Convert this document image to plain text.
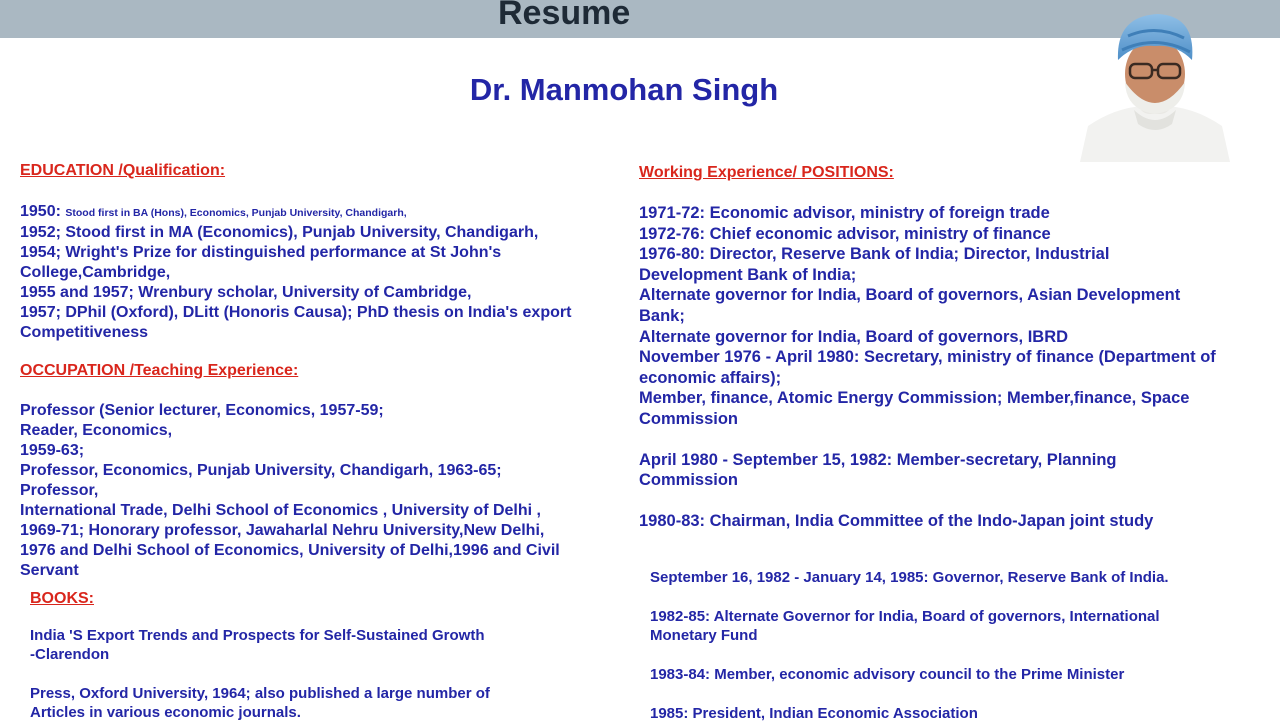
Resume
Dr. Manmohan Singh
EDUCATION /Qualification:
1950: Stood first in BA (Hons), Economics, Punjab University, Chandigarh,
1952; Stood first in MA (Economics), Punjab University, Chandigarh,
1954; Wright's Prize for distinguished performance at St John's
College,Cambridge,
1955 and 1957; Wrenbury scholar, University of Cambridge,
1957; DPhil (Oxford), DLitt (Honoris Causa); PhD thesis on India's export
Competitiveness
OCCUPATION /Teaching Experience:
Professor (Senior lecturer, Economics, 1957-59;
Reader, Economics,
1959-63;
Professor, Economics, Punjab University, Chandigarh, 1963-65;
Professor,
International Trade, Delhi School of Economics , University of Delhi ,
1969-71; Honorary professor, Jawaharlal Nehru University,New Delhi,
1976 and Delhi School of Economics, University of Delhi,1996 and Civil
Servant
BOOKS:
India 'S Export Trends and Prospects for Self-Sustained Growth
-Clarendon
Press, Oxford University, 1964; also published a large number of
Articles in various economic journals.
Working Experience/ POSITIONS:
1971-72: Economic advisor, ministry of foreign trade
1972-76: Chief economic advisor, ministry of finance
1976-80: Director, Reserve Bank of India; Director, Industrial
Development Bank of India;
Alternate governor for India, Board of governors, Asian Development
Bank;
Alternate governor for India, Board of governors, IBRD
November 1976 - April 1980: Secretary, ministry of finance (Department of
economic affairs);
Member, finance, Atomic Energy Commission; Member,finance, Space
Commission
April 1980 - September 15, 1982: Member-secretary, Planning
Commission
1980-83: Chairman, India Committee of the Indo-Japan joint study
September 16, 1982 - January 14, 1985: Governor, Reserve Bank of India.
1982-85: Alternate Governor for India, Board of governors, International
Monetary Fund
1983-84: Member, economic advisory council to the Prime Minister
1985: President, Indian Economic Association
